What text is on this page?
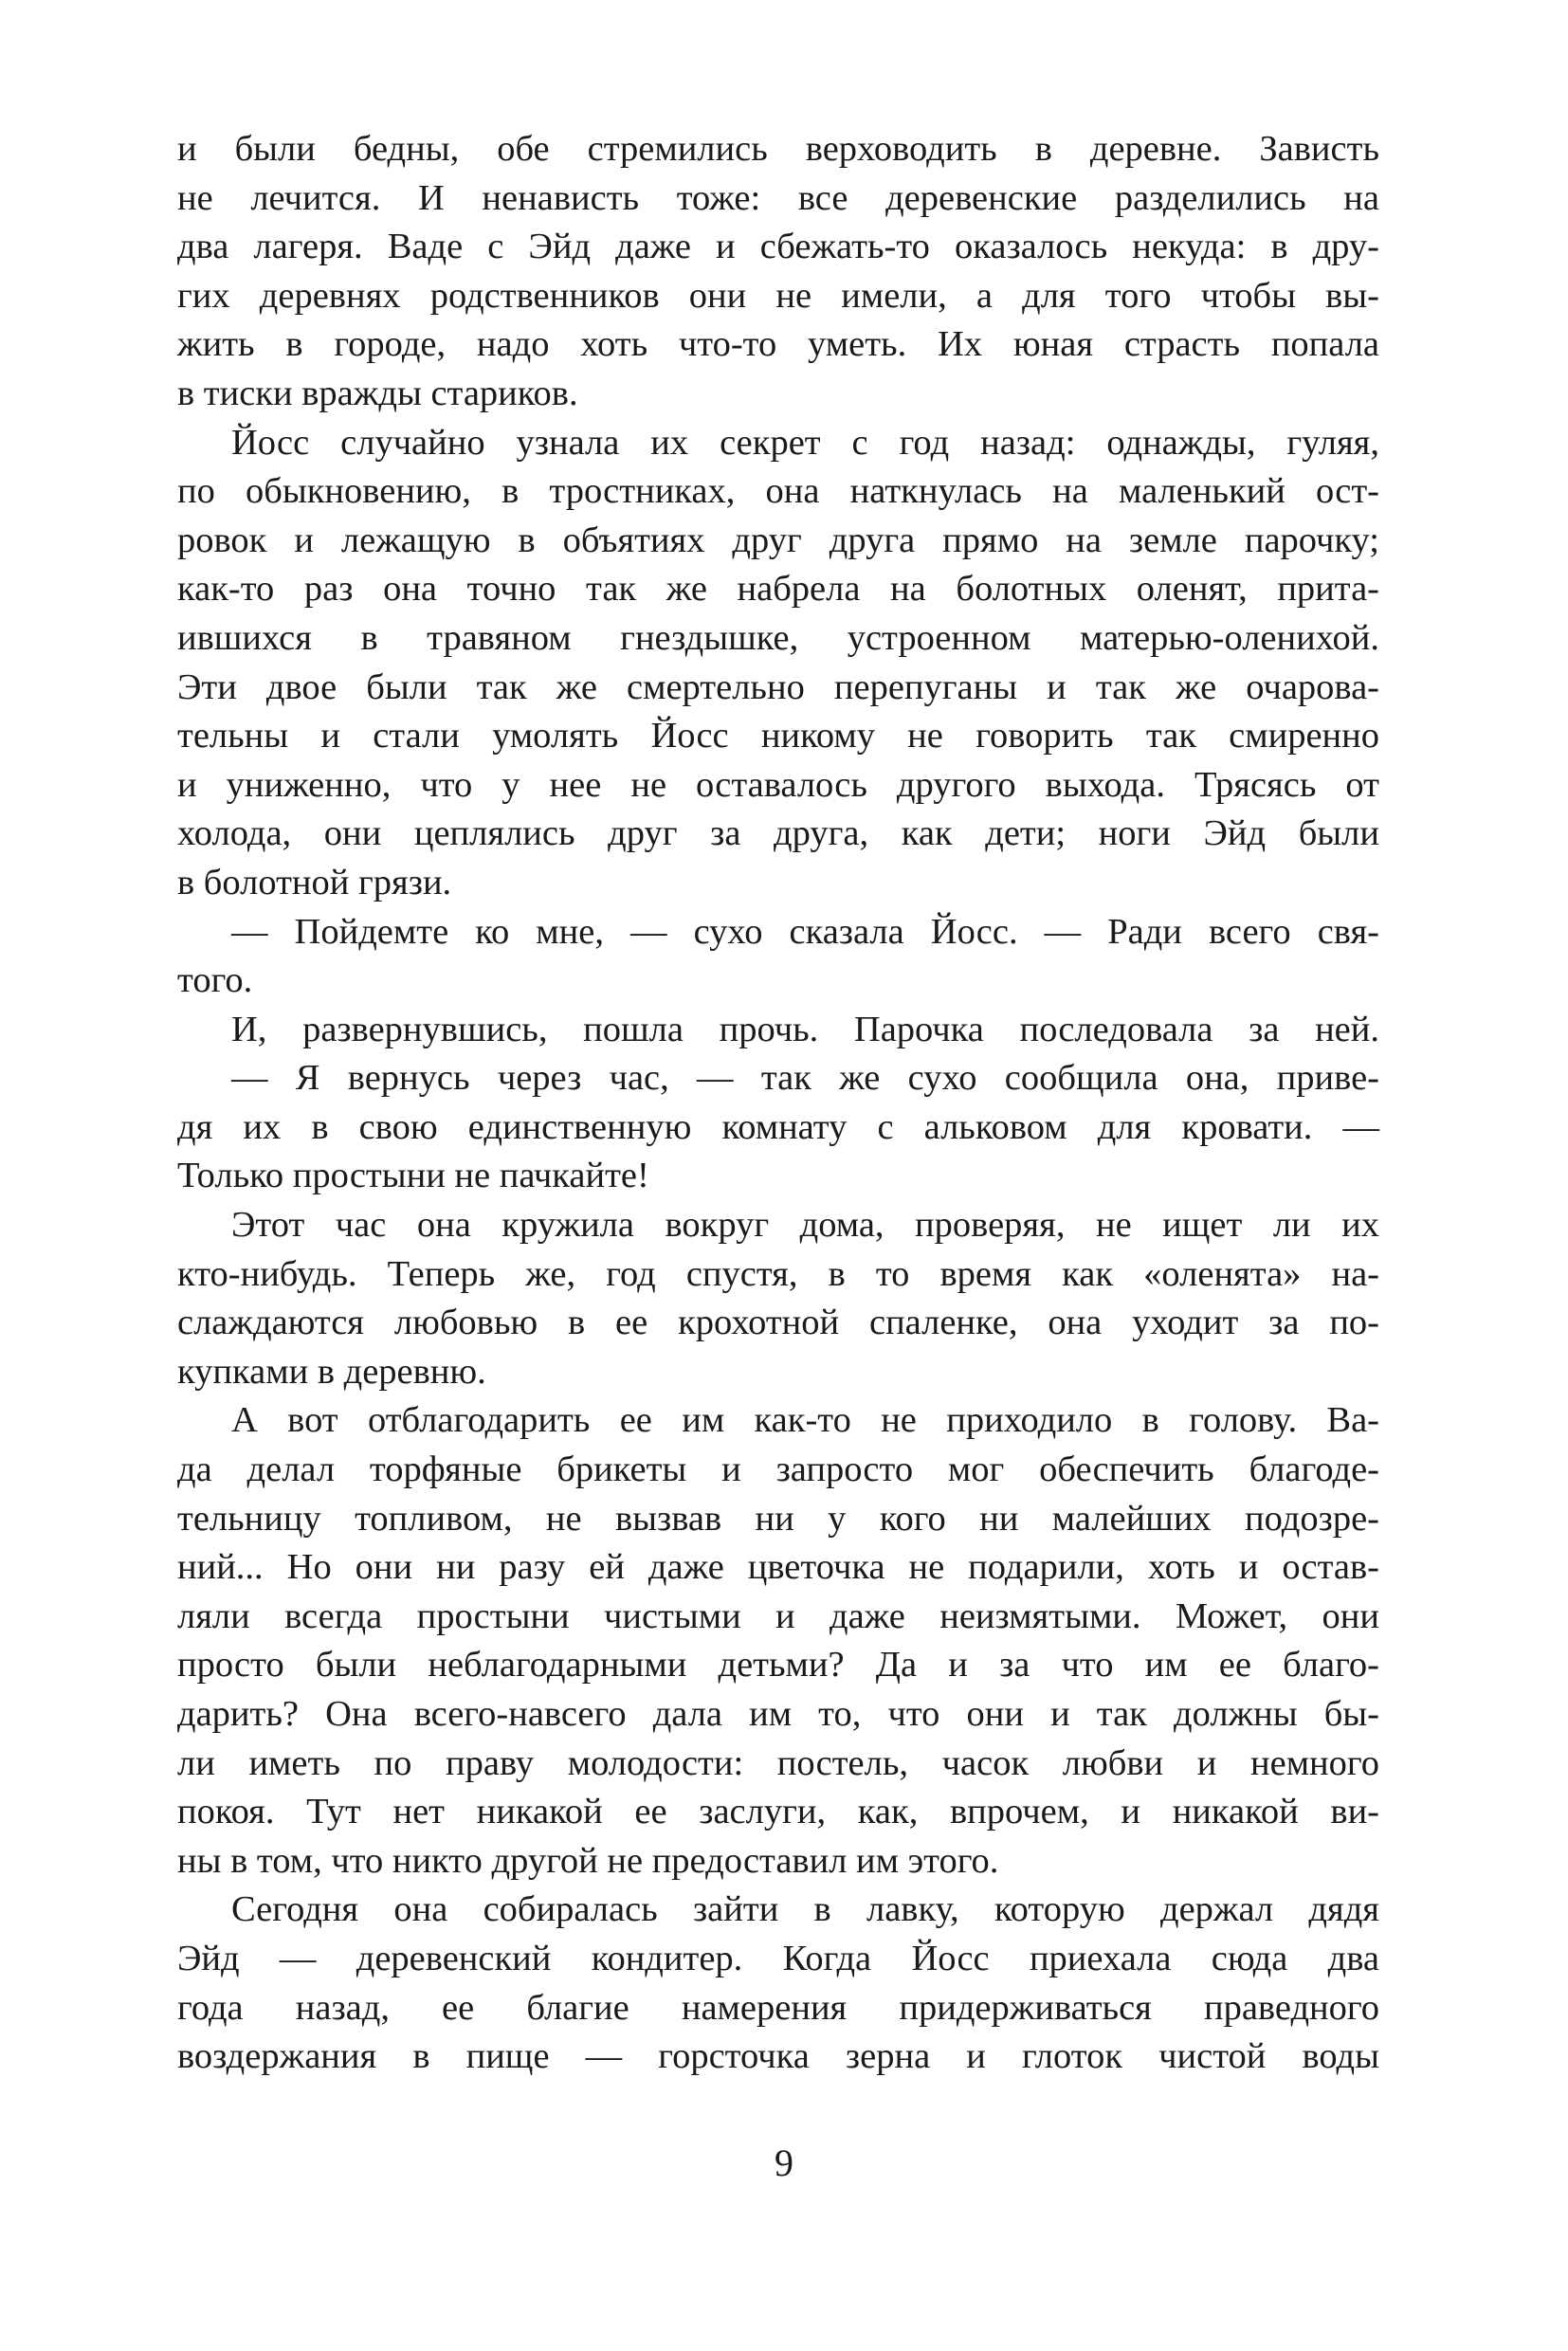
и были бедны, обе стремились верховодить в деревне. Зависть
не лечится. И ненависть тоже: все деревенские разделились на
два лагеря. Ваде с Эйд даже и сбежать-то оказалось некуда: в дру-
гих деревнях родственников они не имели, а для того чтобы вы-
жить в городе, надо хоть что-то уметь. Их юная страсть попала
в тиски вражды стариков.
Йосс случайно узнала их секрет с год назад: однажды, гуляя,
по обыкновению, в тростниках, она наткнулась на маленький ост-
ровок и лежащую в объятиях друг друга прямо на земле парочку;
как-то раз она точно так же набрела на болотных оленят, прита-
ившихся в травяном гнездышке, устроенном матерью-оленихой.
Эти двое были так же смертельно перепуганы и так же очарова-
тельны и стали умолять Йосс никому не говорить так смиренно
и униженно, что у нее не оставалось другого выхода. Трясясь от
холода, они цеплялись друг за друга, как дети; ноги Эйд были
в болотной грязи.
— Пойдемте ко мне, — сухо сказала Йосс. — Ради всего свя-
того.
И, развернувшись, пошла прочь. Парочка последовала за ней.
— Я вернусь через час, — так же сухо сообщила она, приве-
дя их в свою единственную комнату с альковом для кровати. —
Только простыни не пачкайте!
Этот час она кружила вокруг дома, проверяя, не ищет ли их
кто-нибудь. Теперь же, год спустя, в то время как «оленята» на-
слаждаются любовью в ее крохотной спаленке, она уходит за по-
купками в деревню.
А вот отблагодарить ее им как-то не приходило в голову. Ва-
да делал торфяные брикеты и запросто мог обеспечить благоде-
тельницу топливом, не вызвав ни у кого ни малейших подозре-
ний... Но они ни разу ей даже цветочка не подарили, хоть и остав-
ляли всегда простыни чистыми и даже неизмятыми. Может, они
просто были неблагодарными детьми? Да и за что им ее благо-
дарить? Она всего-навсего дала им то, что они и так должны бы-
ли иметь по праву молодости: постель, часок любви и немного
покоя. Тут нет никакой ее заслуги, как, впрочем, и никакой ви-
ны в том, что никто другой не предоставил им этого.
Сегодня она собиралась зайти в лавку, которую держал дядя
Эйд — деревенский кондитер. Когда Йосс приехала сюда два
года назад, ее благие намерения придерживаться праведного
воздержания в пище — горсточка зерна и глоток чистой воды
9
